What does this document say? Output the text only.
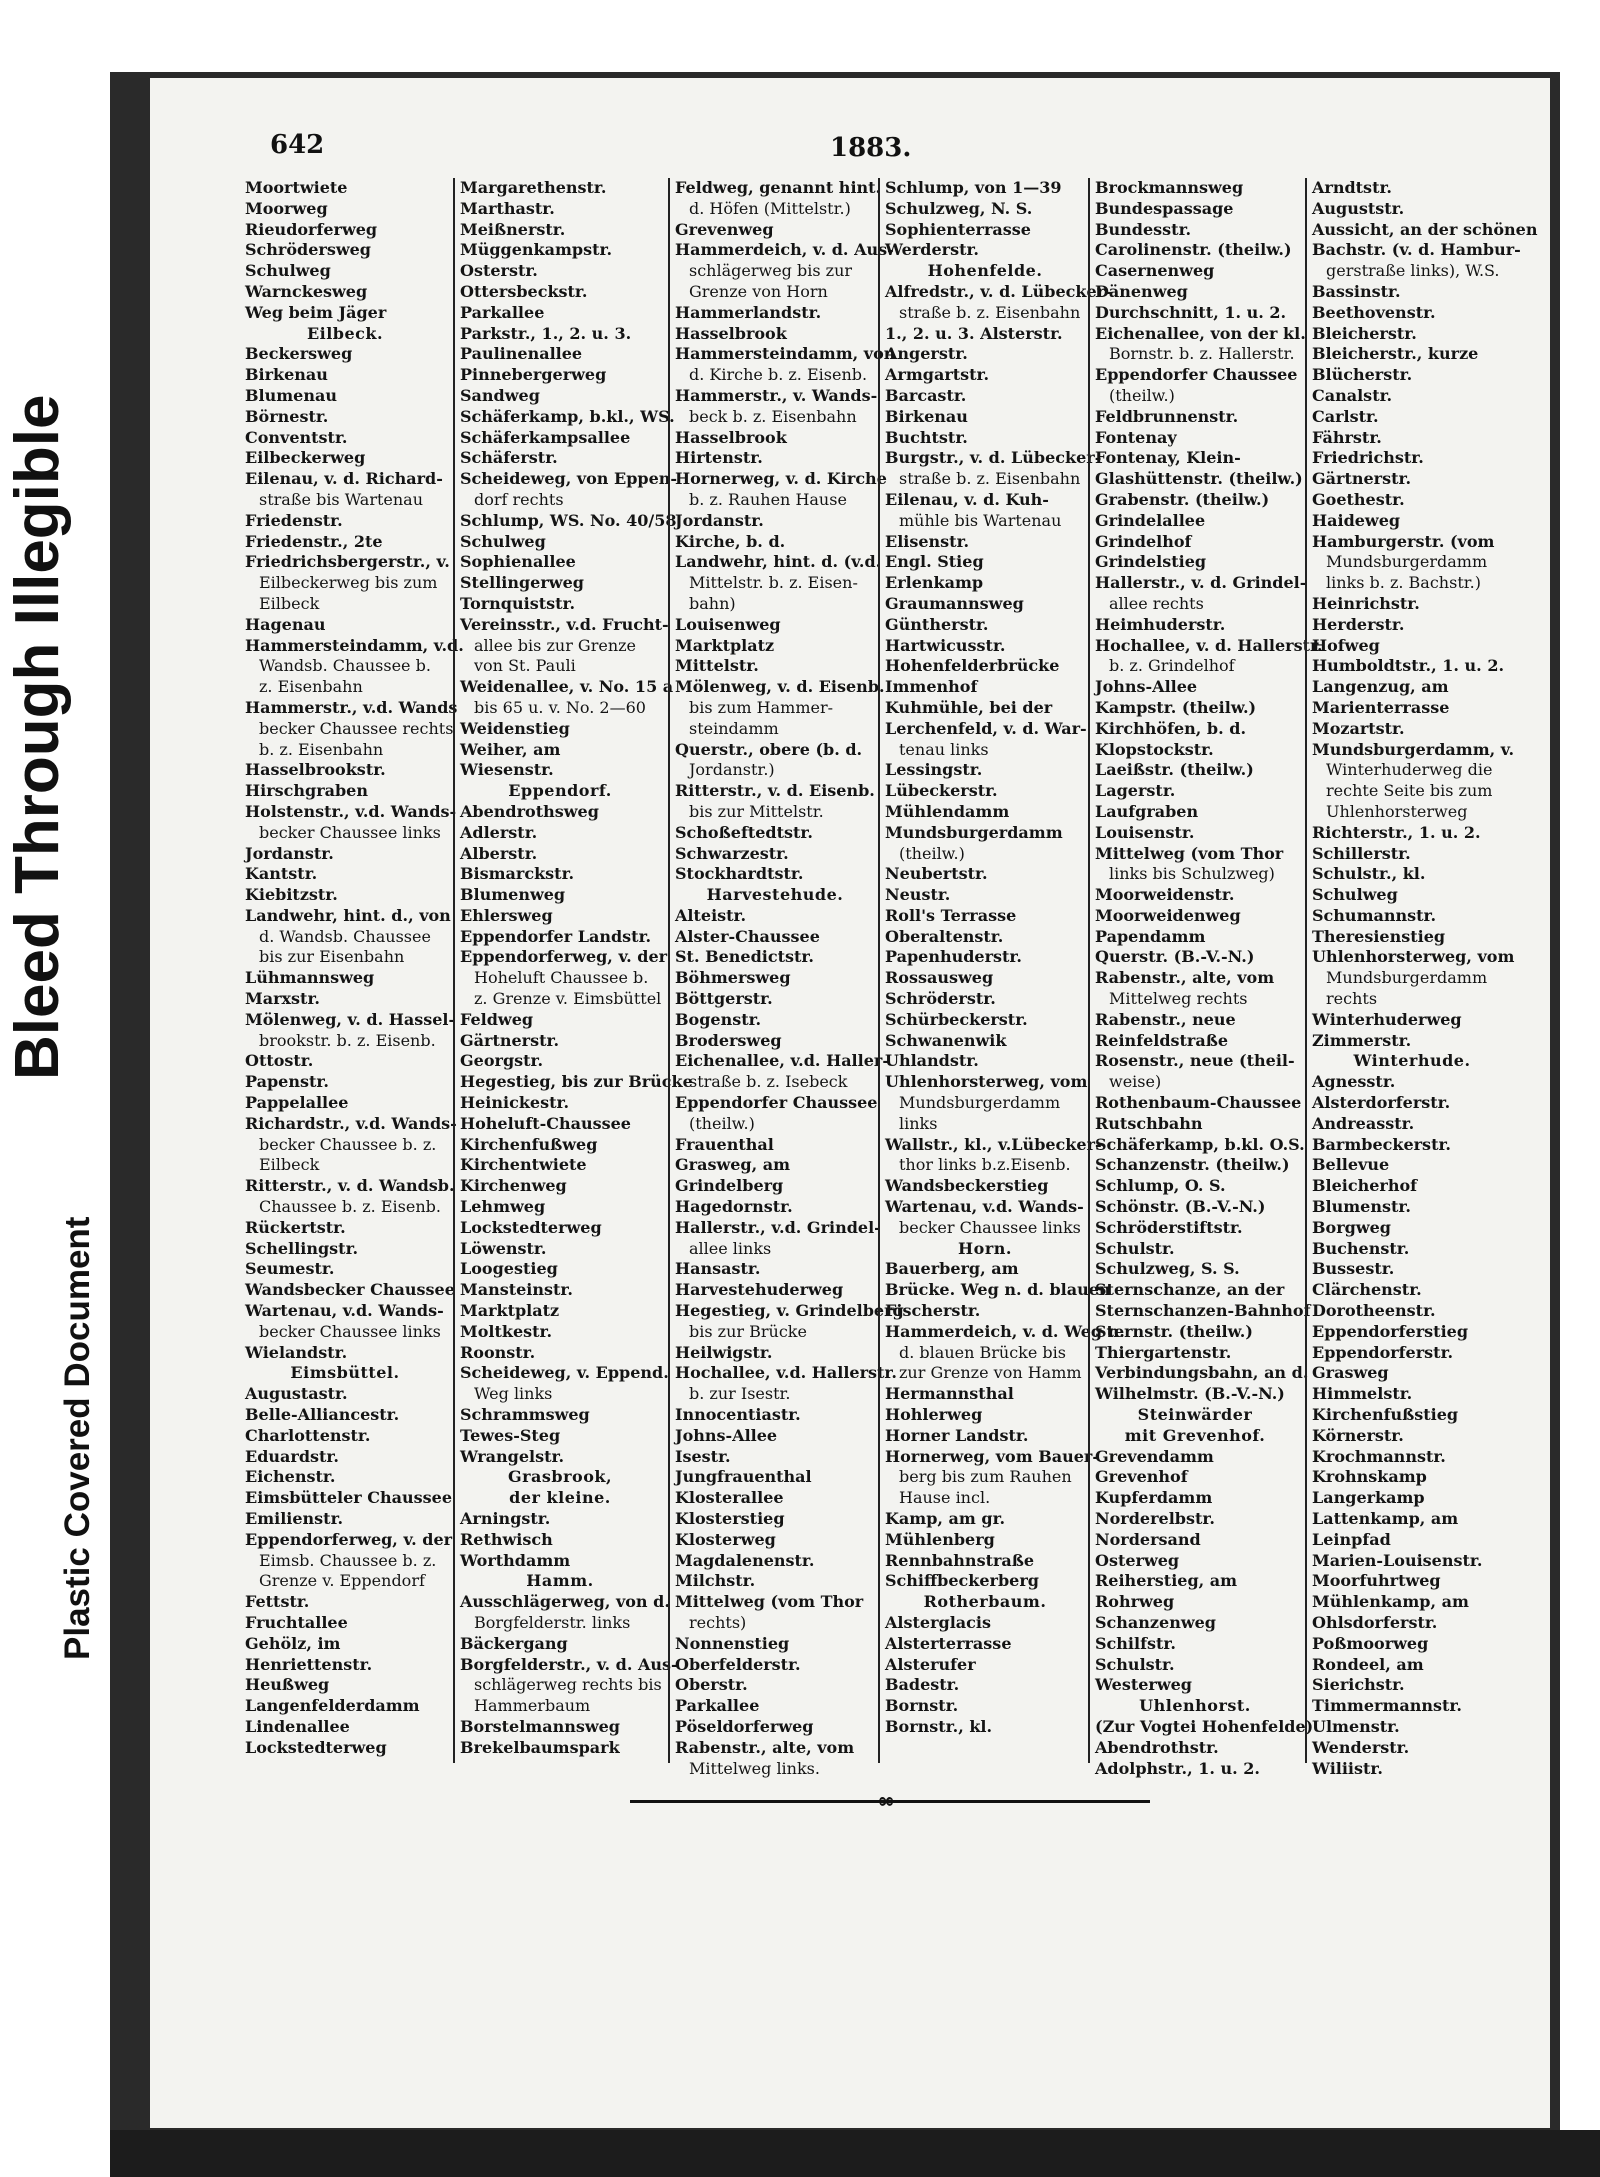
Bleed Through Illegible
Plastic Covered Document
642	1883.
Moortwiete
Moorweg
Rieudorferweg
Schrödersweg
Schulweg
Warnckesweg
Weg beim Jäger
Eilbeck.
Beckersweg
Birkenau
Blumenau
Börnestr.
Conventstr.
Eilbeckerweg
Eilenau, v. d. Richard-
straße bis Wartenau
Friedenstr.
Friedenstr., 2te
Friedrichsbergerstr., v.
Eilbeckerweg bis zum
Eilbeck
Hagenau
Hammersteindamm, v.d.
Wandsb. Chaussee b.
z. Eisenbahn
Hammerstr., v.d. Wands
becker Chaussee rechts
b. z. Eisenbahn
Hasselbrookstr.
Hirschgraben
Holstenstr., v.d. Wands-
becker Chaussee links
Jordanstr.
Kantstr.
Kiebitzstr.
Landwehr, hint. d., von
d. Wandsb. Chaussee
bis zur Eisenbahn
Lühmannsweg
Marxstr.
Mölenweg, v. d. Hassel-
brookstr. b. z. Eisenb.
Ottostr.
Papenstr.
Pappelallee
Richardstr., v.d. Wands-
becker Chaussee b. z.
Eilbeck
Ritterstr., v. d. Wandsb.
Chaussee b. z. Eisenb.
Rückertstr.
Schellingstr.
Seumestr.
Wandsbecker Chaussee
Wartenau, v.d. Wands-
becker Chaussee links
Wielandstr.
Eimsbüttel.
Augustastr.
Belle-Alliancestr.
Charlottenstr.
Eduardstr.
Eichenstr.
Eimsbütteler Chaussee
Emilienstr.
Eppendorferweg, v. der
Eimsb. Chaussee b. z.
Grenze v. Eppendorf
Fettstr.
Fruchtallee
Gehölz, im
Henriettenstr.
Heußweg
Langenfelderdamm
Lindenallee
Lockstedterweg
Margarethenstr.
Marthastr.
Meißnerstr.
Müggenkampstr.
Osterstr.
Ottersbeckstr.
Parkallee
Parkstr., 1., 2. u. 3.
Paulinenallee
Pinnebergerweg
Sandweg
Schäferkamp, b.kl., WS.
Schäferkampsallee
Schäferstr.
Scheideweg, von Eppen-
dorf rechts
Schlump, WS. No. 40/58
Schulweg
Sophienallee
Stellingerweg
Tornquiststr.
Vereinsstr., v.d. Frucht-
allee bis zur Grenze
von St. Pauli
Weidenallee, v. No. 15 a
bis 65 u. v. No. 2—60
Weidenstieg
Weiher, am
Wiesenstr.
Eppendorf.
Abendrothsweg
Adlerstr.
Alberstr.
Bismarckstr.
Blumenweg
Ehlersweg
Eppendorfer Landstr.
Eppendorferweg, v. der
Hoheluft Chaussee b.
z. Grenze v. Eimsbüttel
Feldweg
Gärtnerstr.
Georgstr.
Hegestieg, bis zur Brücke
Heinickestr.
Hoheluft-Chaussee
Kirchenfußweg
Kirchentwiete
Kirchenweg
Lehmweg
Lockstedterweg
Löwenstr.
Loogestieg
Mansteinstr.
Marktplatz
Moltkestr.
Roonstr.
Scheideweg, v. Eppend.
Weg links
Schrammsweg
Tewes-Steg
Wrangelstr.
Grasbrook,
der kleine.
Arningstr.
Rethwisch
Worthdamm
Hamm.
Ausschlägerweg, von d.
Borgfelderstr. links
Bäckergang
Borgfelderstr., v. d. Aus-
schlägerweg rechts bis
Hammerbaum
Borstelmannsweg
Brekelbaumspark
Feldweg, genannt hint.
d. Höfen (Mittelstr.)
Grevenweg
Hammerdeich, v. d. Aus-
schlägerweg bis zur
Grenze von Horn
Hammerlandstr.
Hasselbrook
Hammersteindamm, von
d. Kirche b. z. Eisenb.
Hammerstr., v. Wands-
beck b. z. Eisenbahn
Hasselbrook
Hirtenstr.
Hornerweg, v. d. Kirche
b. z. Rauhen Hause
Jordanstr.
Kirche, b. d.
Landwehr, hint. d. (v.d.
Mittelstr. b. z. Eisen-
bahn)
Louisenweg
Marktplatz
Mittelstr.
Mölenweg, v. d. Eisenb.
bis zum Hammer-
steindamm
Querstr., obere (b. d.
Jordanstr.)
Ritterstr., v. d. Eisenb.
bis zur Mittelstr.
Schoßeftedtstr.
Schwarzestr.
Stockhardtstr.
Harvestehude.
Alteistr.
Alster-Chaussee
St. Benedictstr.
Böhmersweg
Böttgerstr.
Bogenstr.
Brodersweg
Eichenallee, v.d. Haller-
straße b. z. Isebeck
Eppendorfer Chaussee
(theilw.)
Frauenthal
Grasweg, am
Grindelberg
Hagedornstr.
Hallerstr., v.d. Grindel-
allee links
Hansastr.
Harvestehuderweg
Hegestieg, v. Grindelberg
bis zur Brücke
Heilwigstr.
Hochallee, v.d. Hallerstr.
b. zur Isestr.
Innocentiastr.
Johns-Allee
Isestr.
Jungfrauenthal
Klosterallee
Klosterstieg
Klosterweg
Magdalenenstr.
Milchstr.
Mittelweg (vom Thor
rechts)
Nonnenstieg
Oberfelderstr.
Oberstr.
Parkallee
Pöseldorferweg
Rabenstr., alte, vom
Mittelweg links.
Schlump, von 1—39
Schulzweg, N. S.
Sophienterrasse
Werderstr.
Hohenfelde.
Alfredstr., v. d. Lübecker-
straße b. z. Eisenbahn
1., 2. u. 3. Alsterstr.
Angerstr.
Armgartstr.
Barcastr.
Birkenau
Buchtstr.
Burgstr., v. d. Lübecker-
straße b. z. Eisenbahn
Eilenau, v. d. Kuh-
mühle bis Wartenau
Elisenstr.
Engl. Stieg
Erlenkamp
Graumannsweg
Güntherstr.
Hartwicusstr.
Hohenfelderbrücke
Immenhof
Kuhmühle, bei der
Lerchenfeld, v. d. War-
tenau links
Lessingstr.
Lübeckerstr.
Mühlendamm
Mundsburgerdamm
(theilw.)
Neubertstr.
Neustr.
Roll's Terrasse
Oberaltenstr.
Papenhuderstr.
Rossausweg
Schröderstr.
Schürbeckerstr.
Schwanenwik
Uhlandstr.
Uhlenhorsterweg, vom
Mundsburgerdamm
links
Wallstr., kl., v.Lübecker-
thor links b.z.Eisenb.
Wandsbeckerstieg
Wartenau, v.d. Wands-
becker Chaussee links
Horn.
Bauerberg, am
Brücke. Weg n. d. blauen
Fischerstr.
Hammerdeich, v. d. Weg n.
d. blauen Brücke bis
zur Grenze von Hamm
Hermannsthal
Hohlerweg
Horner Landstr.
Hornerweg, vom Bauer-
berg bis zum Rauhen
Hause incl.
Kamp, am gr.
Mühlenberg
Rennbahnstraße
Schiffbeckerberg
Rotherbaum.
Alsterglacis
Alsterterrasse
Alsterufer
Badestr.
Bornstr.
Bornstr., kl.
Brockmannsweg
Bundespassage
Bundesstr.
Carolinenstr. (theilw.)
Casernenweg
Dänenweg
Durchschnitt, 1. u. 2.
Eichenallee, von der kl.
Bornstr. b. z. Hallerstr.
Eppendorfer Chaussee
(theilw.)
Feldbrunnenstr.
Fontenay
Fontenay, Klein-
Glashüttenstr. (theilw.)
Grabenstr. (theilw.)
Grindelallee
Grindelhof
Grindelstieg
Hallerstr., v. d. Grindel-
allee rechts
Heimhuderstr.
Hochallee, v. d. Hallerstr.
b. z. Grindelhof
Johns-Allee
Kampstr. (theilw.)
Kirchhöfen, b. d.
Klopstockstr.
Laeißstr. (theilw.)
Lagerstr.
Laufgraben
Louisenstr.
Mittelweg (vom Thor
links bis Schulzweg)
Moorweidenstr.
Moorweidenweg
Papendamm
Querstr. (B.-V.-N.)
Rabenstr., alte, vom
Mittelweg rechts
Rabenstr., neue
Reinfeldstraße
Rosenstr., neue (theil-
weise)
Rothenbaum-Chaussee
Rutschbahn
Schäferkamp, b.kl. O.S.
Schanzenstr. (theilw.)
Schlump, O. S.
Schönstr. (B.-V.-N.)
Schröderstiftstr.
Schulstr.
Schulzweg, S. S.
Sternschanze, an der
Sternschanzen-Bahnhof
Sternstr. (theilw.)
Thiergartenstr.
Verbindungsbahn, an d.
Wilhelmstr. (B.-V.-N.)
Steinwärder
mit Grevenhof.
Grevendamm
Grevenhof
Kupferdamm
Norderelbstr.
Nordersand
Osterweg
Reiherstieg, am
Rohrweg
Schanzenweg
Schilfstr.
Schulstr.
Westerweg
Uhlenhorst.
(Zur Vogtei Hohenfelde)
Abendrothstr.
Adolphstr., 1. u. 2.
Arndtstr.
Auguststr.
Aussicht, an der schönen
Bachstr. (v. d. Hambur-
gerstraße links), W.S.
Bassinstr.
Beethovenstr.
Bleicherstr.
Bleicherstr., kurze
Blücherstr.
Canalstr.
Carlstr.
Fährstr.
Friedrichstr.
Gärtnerstr.
Goethestr.
Haideweg
Hamburgerstr. (vom
Mundsburgerdamm
links b. z. Bachstr.)
Heinrichstr.
Herderstr.
Hofweg
Humboldtstr., 1. u. 2.
Langenzug, am
Marienterrasse
Mozartstr.
Mundsburgerdamm, v.
Winterhuderweg die
rechte Seite bis zum
Uhlenhorsterweg
Richterstr., 1. u. 2.
Schillerstr.
Schulstr., kl.
Schulweg
Schumannstr.
Theresienstieg
Uhlenhorsterweg, vom
Mundsburgerdamm
rechts
Winterhuderweg
Zimmerstr.
Winterhude.
Agnesstr.
Alsterdorferstr.
Andreasstr.
Barmbeckerstr.
Bellevue
Bleicherhof
Blumenstr.
Borgweg
Buchenstr.
Bussestr.
Clärchenstr.
Dorotheenstr.
Eppendorferstieg
Eppendorferstr.
Grasweg
Himmelstr.
Kirchenfußstieg
Körnerstr.
Krochmannstr.
Krohnskamp
Langerkamp
Lattenkamp, am
Leinpfad
Marien-Louisenstr.
Moorfuhrtweg
Mühlenkamp, am
Ohlsdorferstr.
Poßmoorweg
Rondeel, am
Sierichstr.
Timmermannstr.
Ulmenstr.
Wenderstr.
Wiliistr.
∞
